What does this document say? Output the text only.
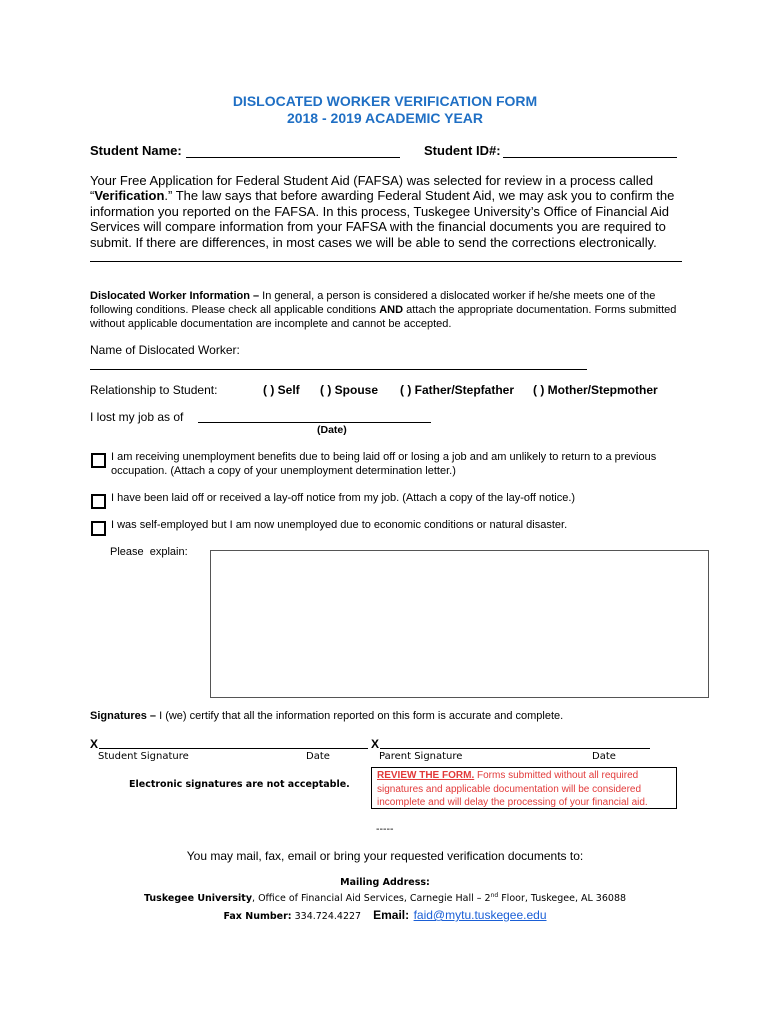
DISLOCATED WORKER VERIFICATION FORM
2018 - 2019 ACADEMIC YEAR
Student Name:	Student ID#:

Your Free Application for Federal Student Aid (FAFSA) was selected for review in a process called “Verification.” The law says that before awarding Federal Student Aid, we may ask you to confirm the information you reported on the FAFSA. In this process, Tuskegee University’s Office of Financial Aid Services will compare information from your FAFSA with the financial documents you are required to submit. If there are differences, in most cases we will be able to send the corrections electronically.

Dislocated Worker Information – In general, a person is considered a dislocated worker if he/she meets one of the following conditions. Please check all applicable conditions AND attach the appropriate documentation. Forms submitted without applicable documentation are incomplete and cannot be accepted.

Name of Dislocated Worker:
Relationship to Student:	( ) Self ( ) Spouse ( ) Father/Stepfather ( ) Mother/Stepmother
I lost my job as of
(Date)

I am receiving unemployment benefits due to being laid off or losing a job and am unlikely to return to a previous occupation. (Attach a copy of your unemployment determination letter.)

I have been laid off or received a lay-off notice from my job. (Attach a copy of the lay-off notice.)

I was self-employed but I am now unemployed due to economic conditions or natural disaster.

Please  explain:

Signatures – I (we) certify that all the information reported on this form is accurate and complete.

X	X
Student Signature	Date	Parent Signature	Date
Electronic signatures are not acceptable.
REVIEW THE FORM. Forms submitted without all required signatures and applicable documentation will be considered incomplete and will delay the processing of your financial aid.
-----
You may mail, fax, email or bring your requested verification documents to:
Mailing Address:
Tuskegee University, Office of Financial Aid Services, Carnegie Hall – 2nd Floor, Tuskegee, AL 36088
Fax Number: 334.724.4227 Email: faid@mytu.tuskegee.edu
